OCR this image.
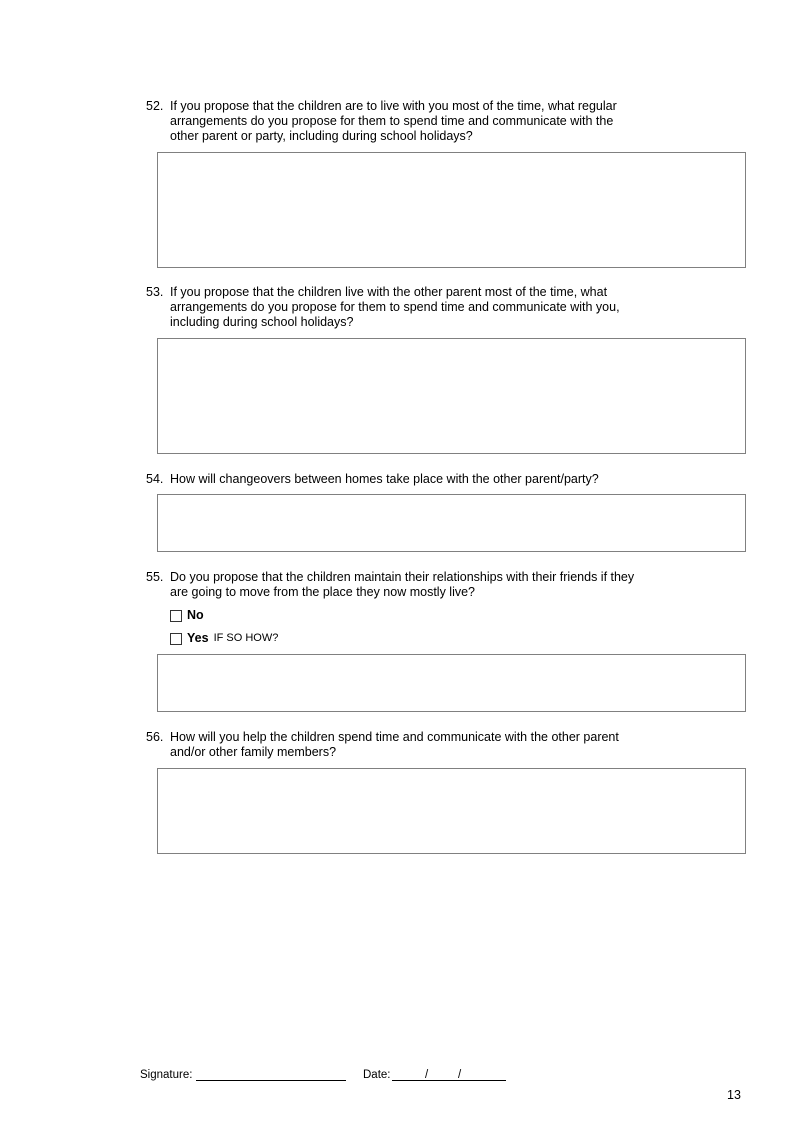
52. If you propose that the children are to live with you most of the time, what regular
arrangements do you propose for them to spend time and communicate with the
other parent or party, including during school holidays?
53. If you propose that the children live with the other parent most of the time, what
arrangements do you propose for them to spend time and communicate with you,
including during school holidays?
54. How will changeovers between homes take place with the other parent/party?
55. Do you propose that the children maintain their relationships with their friends if they
are going to move from the place they now mostly live?
No
Yes IF SO HOW?
56. How will you help the children spend time and communicate with the other parent
and/or other family members?
Signature:	Date:	/	/
13
